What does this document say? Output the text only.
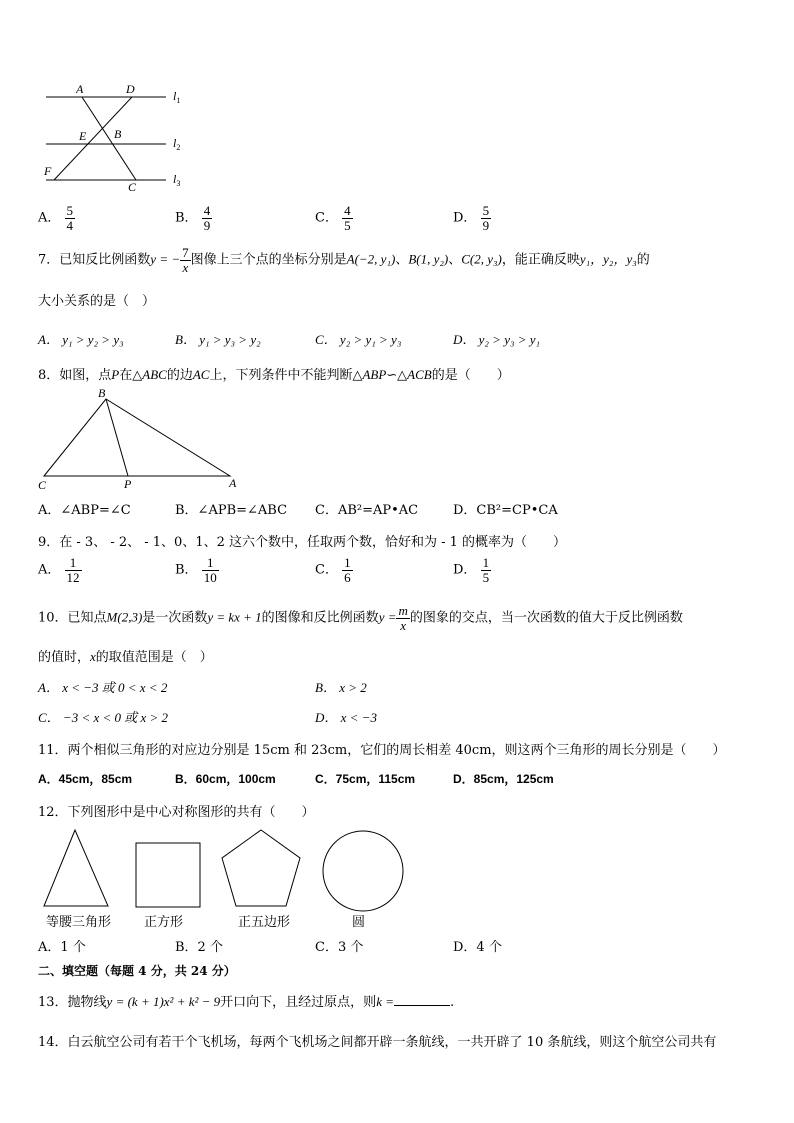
A	D
E B
F
C
$l_1$
$l_2$
$l_3$
A． $\frac{5}{4}$	B． $\frac{4}{9}$	C． $\frac{4}{5}$	D． $\frac{5}{9}$
7．已知反比例函数y = − $\frac{7}{x}$ 图像上三个点的坐标分别是A(−2, y₁)、B(1, y₂)、C(2, y₃)，能正确反映y₁，y₂，y₃的
大小关系的是（　）
A． y₁ > y₂ > y₃	B． y₁ > y₃ > y₂	C． y₂ > y₁ > y₃	D． y₂ > y₃ > y₁
8．如图，点P在△ABC的边AC上，下列条件中不能判断△ABP∽△ACB的是（　　）
B
C	P	A
A．∠ABP=∠C	B．∠APB=∠ABC C．AB²=AP•AC	D．CB²=CP•CA
9．在 - 3、 - 2、 - 1、0、1、2 这六个数中，任取两个数，恰好和为 - 1 的概率为（　　）
A． $\frac{1}{12}$	B． $\frac{1}{10}$	C． $\frac{1}{6}$	D． $\frac{1}{5}$
10．已知点M(2,3)是一次函数y = kx + 1的图像和反比例函数$y = \frac{m}{x}$ 的图象的交点，当一次函数的值大于反比例函数
的值时，x的取值范围是（　）
A． x < −3 或 0 < x < 2	B． x > 2
C． −3 < x < 0 或 x > 2	D． x < −3
11．两个相似三角形的对应边分别是 15cm 和 23cm，它们的周长相差 40cm，则这两个三角形的周长分别是（　　）
A．45cm，85cm	B．60cm，100cm	C．75cm，115cm	D．85cm，125cm
12．下列图形中是中心对称图形的共有（　　）
等腰三角形	正方形	正五边形	圆
A．1 个	B．2 个	C．3 个	D．4 个
二、填空题（每题 4 分，共 24 分）
13．抛物线y = (k + 1)x² + k² − 9开口向下，且经过原点，则k =	.
14．白云航空公司有若干个飞机场，每两个飞机场之间都开辟一条航线，一共开辟了 10 条航线，则这个航空公司共有
